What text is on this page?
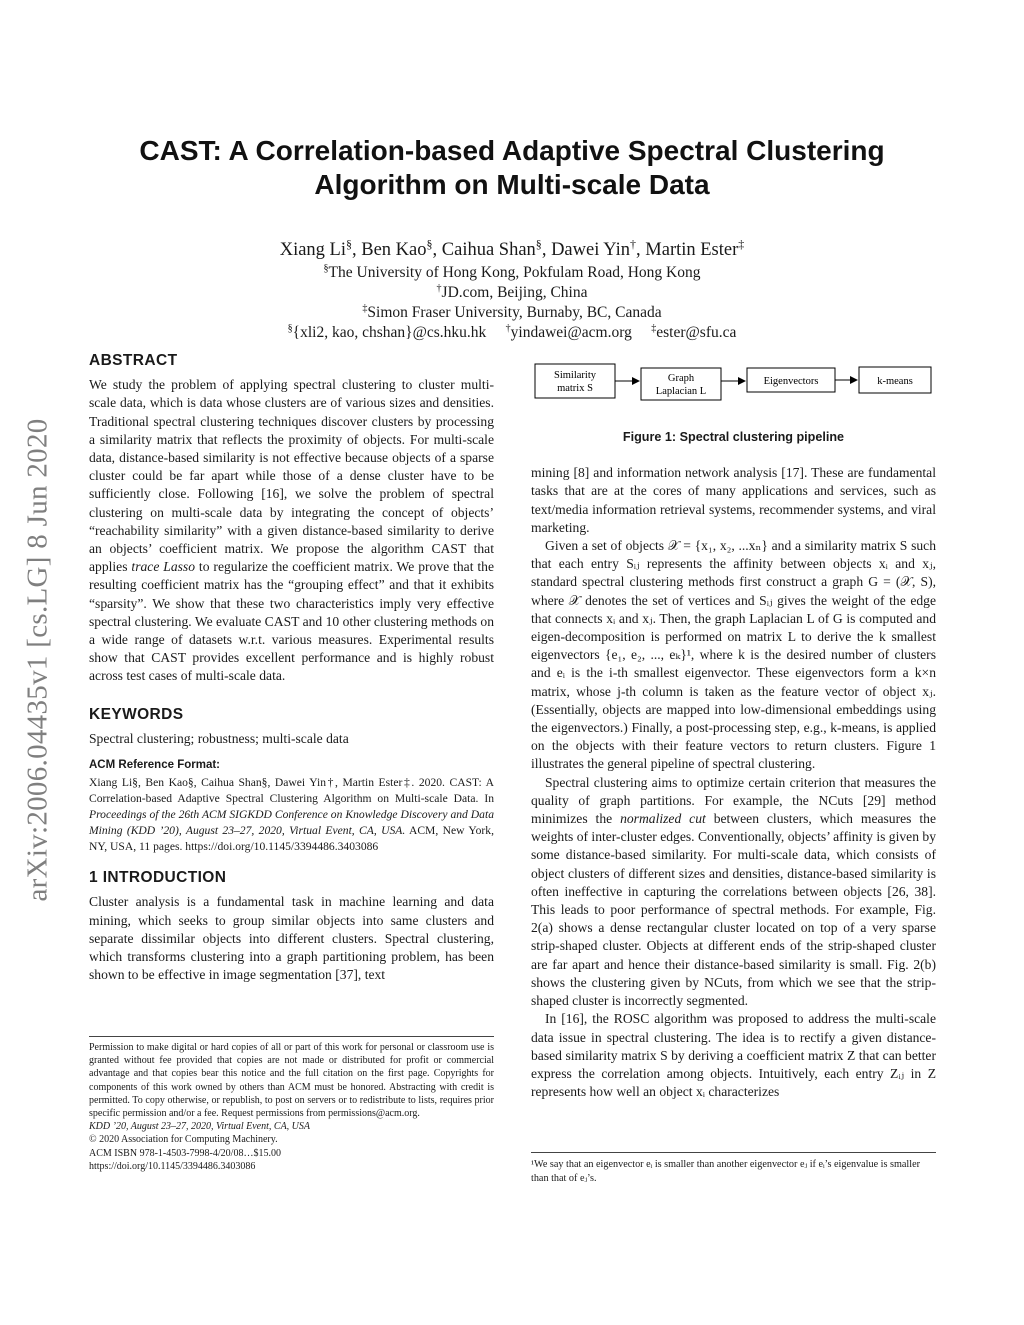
arXiv:2006.04435v1 [cs.LG] 8 Jun 2020
CAST: A Correlation-based Adaptive Spectral Clustering
Algorithm on Multi-scale Data
Xiang Li§, Ben Kao§, Caihua Shan§, Dawei Yin†, Martin Ester‡
§The University of Hong Kong, Pokfulam Road, Hong Kong
†JD.com, Beijing, China
‡Simon Fraser University, Burnaby, BC, Canada
§{xli2, kao, chshan}@cs.hku.hk †yindawei@acm.org ‡ester@sfu.ca
ABSTRACT

We study the problem of applying spectral clustering to cluster multi-scale data, which is data whose clusters are of various sizes and densities. Traditional spectral clustering techniques discover clusters by processing a similarity matrix that reflects the proximity of objects. For multi-scale data, distance-based similarity is not effective because objects of a sparse cluster could be far apart while those of a dense cluster have to be sufficiently close. Following [16], we solve the problem of spectral clustering on multi-scale data by integrating the concept of objects’ “reachability similarity” with a given distance-based similarity to derive an objects’ coefficient matrix. We propose the algorithm CAST that applies trace Lasso to regularize the coefficient matrix. We prove that the resulting coefficient matrix has the “grouping effect” and that it exhibits “sparsity”. We show that these two characteristics imply very effective spectral clustering. We evaluate CAST and 10 other clustering methods on a wide range of datasets w.r.t. various measures. Experimental results show that CAST provides excellent performance and is highly robust across test cases of multi-scale data.

KEYWORDS

Spectral clustering; robustness; multi-scale data

ACM Reference Format:

Xiang Li§, Ben Kao§, Caihua Shan§, Dawei Yin†, Martin Ester‡. 2020. CAST: A Correlation-based Adaptive Spectral Clustering Algorithm on Multi-scale Data. In Proceedings of the 26th ACM SIGKDD Conference on Knowledge Discovery and Data Mining (KDD ’20), August 23–27, 2020, Virtual Event, CA, USA. ACM, New York, NY, USA, 11 pages. https://doi.org/10.1145/3394486.3403086

1 INTRODUCTION

Cluster analysis is a fundamental task in machine learning and data mining, which seeks to group similar objects into same clusters and separate dissimilar objects into different clusters. Spectral clustering, which transforms clustering into a graph partitioning problem, has been shown to be effective in image segmentation [37], text

Permission to make digital or hard copies of all or part of this work for personal or classroom use is granted without fee provided that copies are not made or distributed for profit or commercial advantage and that copies bear this notice and the full citation on the first page. Copyrights for components of this work owned by others than ACM must be honored. Abstracting with credit is permitted. To copy otherwise, or republish, to post on servers or to redistribute to lists, requires prior specific permission and/or a fee. Request permissions from permissions@acm.org.

KDD ’20, August 23–27, 2020, Virtual Event, CA, USA

© 2020 Association for Computing Machinery.

ACM ISBN 978-1-4503-7998-4/20/08…$15.00

https://doi.org/10.1145/3394486.3403086

Similarity
matrix S
Graph
Laplacian L
Eigenvectors	k-means
Figure 1: Spectral clustering pipeline

mining [8] and information network analysis [17]. These are fundamental tasks that are at the cores of many applications and services, such as text/media information retrieval systems, recommender systems, and viral marketing.

Given a set of objects 𝒳 = {x₁, x₂, ...xₙ} and a similarity matrix S such that each entry Sᵢⱼ represents the affinity between objects xᵢ and xⱼ, standard spectral clustering methods first construct a graph G = (𝒳, S), where 𝒳 denotes the set of vertices and Sᵢⱼ gives the weight of the edge that connects xᵢ and xⱼ. Then, the graph Laplacian L of G is computed and eigen-decomposition is performed on matrix L to derive the k smallest eigenvectors {e₁, e₂, ..., eₖ}¹, where k is the desired number of clusters and eᵢ is the i-th smallest eigenvector. These eigenvectors form a k×n matrix, whose j-th column is taken as the feature vector of object xⱼ. (Essentially, objects are mapped into low-dimensional embeddings using the eigenvectors.) Finally, a post-processing step, e.g., k-means, is applied on the objects with their feature vectors to return clusters. Figure 1 illustrates the general pipeline of spectral clustering.

Spectral clustering aims to optimize certain criterion that measures the quality of graph partitions. For example, the NCuts [29] method minimizes the normalized cut between clusters, which measures the weights of inter-cluster edges. Conventionally, objects’ affinity is given by some distance-based similarity. For multi-scale data, which consists of object clusters of different sizes and densities, distance-based similarity is often ineffective in capturing the correlations between objects [26, 38]. This leads to poor performance of spectral methods. For example, Fig. 2(a) shows a dense rectangular cluster located on top of a very sparse strip-shaped cluster. Objects at different ends of the strip-shaped cluster are far apart and hence their distance-based similarity is small. Fig. 2(b) shows the clustering given by NCuts, from which we see that the strip-shaped cluster is incorrectly segmented.

In [16], the ROSC algorithm was proposed to address the multi-scale data issue in spectral clustering. The idea is to rectify a given distance-based similarity matrix S by deriving a coefficient matrix Z that can better express the correlation among objects. Intuitively, each entry Zᵢⱼ in Z represents how well an object xᵢ characterizes

¹We say that an eigenvector eᵢ is smaller than another eigenvector eⱼ if eᵢ’s eigenvalue is smaller than that of eⱼ’s.
